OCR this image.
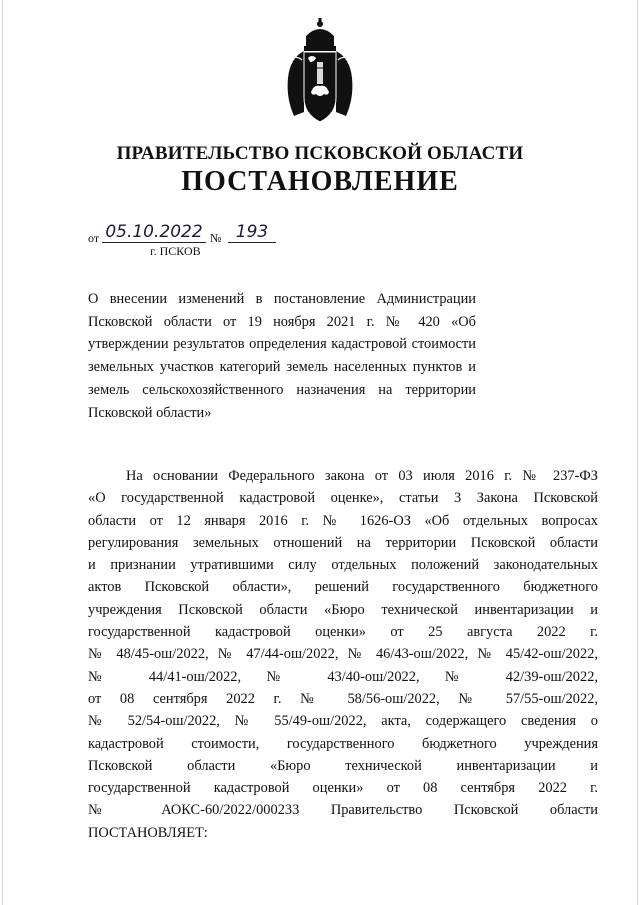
ПРАВИТЕЛЬСТВО ПСКОВСКОЙ ОБЛАСТИ
ПОСТАНОВЛЕНИЕ
от 05.10.2022 № 193
г. ПСКОВ
О внесении изменений в постановление Администрации Псковской области от 19 ноября 2021 г. № 420 «Об утверждении результатов определения кадастровой стоимости земельных участков категорий земель населенных пунктов и земель сельскохозяйственного назначения на территории Псковской области»
На основании Федерального закона от 03 июля 2016 г. № 237-ФЗ
«О государственной кадастровой оценке», статьи 3 Закона Псковской
области от 12 января 2016 г. № 1626-ОЗ «Об отдельных вопросах
регулирования земельных отношений на территории Псковской области
и признании утратившими силу отдельных положений законодательных
актов Псковской области», решений государственного бюджетного
учреждения Псковской области «Бюро технической инвентаризации и
государственной кадастровой оценки» от 25 августа 2022 г.
№ 48/45-ош/2022, № 47/44-ош/2022, № 46/43-ош/2022, № 45/42-ош/2022,
№ 44/41-ош/2022, № 43/40-ош/2022, № 42/39-ош/2022,
от 08 сентября 2022 г. № 58/56-ош/2022, № 57/55-ош/2022,
№ 52/54-ош/2022, № 55/49-ош/2022, акта, содержащего сведения о
кадастровой стоимости, государственного бюджетного учреждения
Псковской области «Бюро технической инвентаризации и
государственной кадастровой оценки» от 08 сентября 2022 г.
№ АОКС-60/2022/000233 Правительство Псковской области
ПОСТАНОВЛЯЕТ:
